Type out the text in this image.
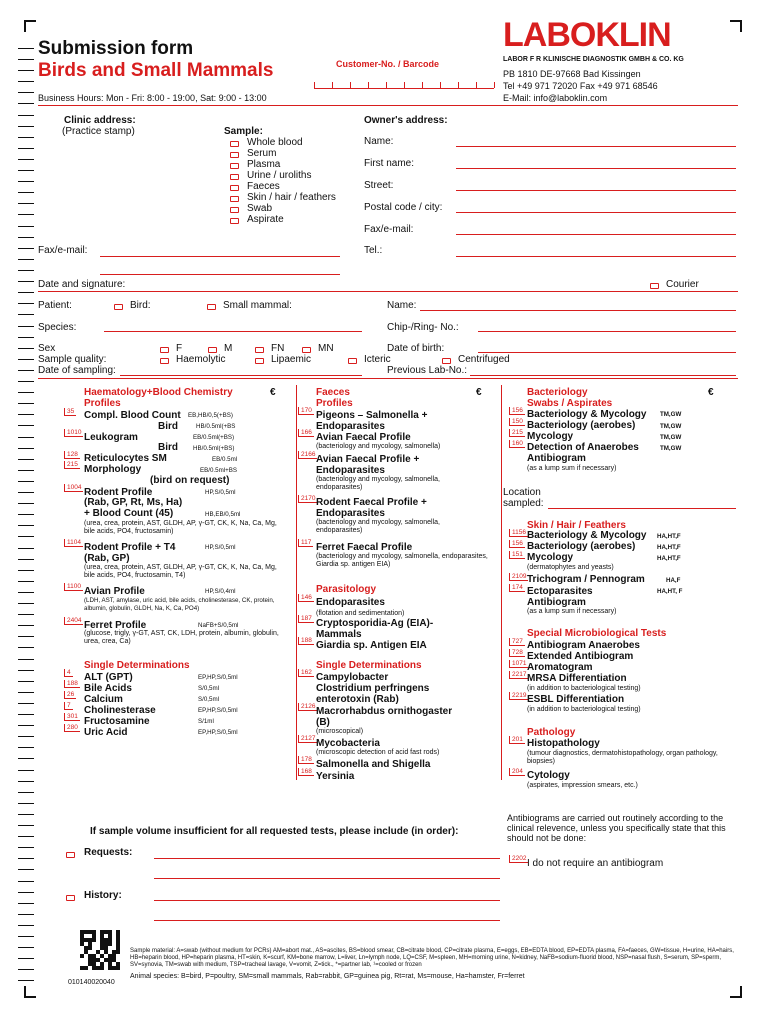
Submission form
Birds and Small Mammals	Customer-No. / Barcode
Business Hours: Mon - Fri: 8:00 - 19:00, Sat: 9:00 - 13:00
LABOKLIN
LABOR F R KLINISCHE DIAGNOSTIK GMBH & CO. KG
PB 1810 DE-97668 Bad Kissingen
Tel +49 971 72020 Fax +49 971 68546
E-Mail: info@laboklin.com
Clinic address:
(Practice stamp)	Sample:
Whole blood
Serum
Plasma
Urine / uroliths
Faeces
Skin / hair / feathers
Swab
Aspirate
Fax/e-mail:
Owner's address:
Name:
First name:
Street:
Postal code / city:
Fax/e-mail:
Tel.:
Date and signature:	Courier
Patient:	Bird:	Small mammal:	Name:
Species:	Chip-/Ring- No.:
Sex	F	M	FN	MN	Date of birth:
Sample quality:	Haemolytic	Lipaemic	Icteric	Centrifuged
Date of sampling:	Previous Lab-No.:
Haematology+Blood Chemistry
Profiles
€
35 Compl. Blood Count EB,HB/0,5(+BS)
Bird	HB/0.5ml(+BS
1010 Leukogram	EB/0.5ml(+BS)
Bird HB/0.5ml(+BS)
128 Reticulocytes SM	EB/0.5ml
215 Morphology	EB/0.5ml+BS
(bird on request)
1004 Rodent Profile	HP,S/0,5ml
(Rab, GP, Rt, Ms, Ha)
+ Blood Count (45)	HB,EB/0,5ml
(urea, crea, protein, AST, GLDH, AP, γ-GT, CK, K, Na, Ca, Mg, bile acids, PO4, fructosamin)
1104 Rodent Profile + T4	HP,S/0,5ml
(Rab, GP)
(urea, crea, protein, AST, GLDH, AP, γ-GT, CK, K, Na, Ca, Mg, bile acids, PO4, fructosamin, T4)
1100 Avian Profile	HP,S/0,4ml
(LDH, AST, amylase, uric acid, bile acids, cholinesterase, CK, protein, albumin, globulin, GLDH, Na, K, Ca, PO4)
2404 Ferret Profile	NaFB+S/0,5ml
(glucose, trigly, γ-GT, AST, CK, LDH, protein, albumin, globulin, urea, crea, Ca)
Single Determinations
4 ALT (GPT)	EP,HP,S/0,5ml
188 Bile Acids	S/0,5ml
26 Calcium	S/0,5ml
7 Cholinesterase	EP,HP,S/0,5ml
301 Fructosamine	S/1ml
280 Uric Acid	EP,HP,S/0,5ml
Faeces
Profiles
€
170 Pigeons – Salmonella + Endoparasites
166 Avian Faecal Profile
(bacteriology and mycology, salmonella)
2166 Avian Faecal Profile + Endoparasites
(bacteriology and mycology, salmonella, endoparasites)
2170 Rodent Faecal Profile + Endoparasites
(bacteriology and mycology, salmonella, endoparasites)
117 Ferret Faecal Profile
(bacteriology and mycology, salmonella, endoparasites, Giardia sp. antigen EIA)
Parasitology
146 Endoparasites
(flotation and sedimentation)
187 Cryptosporidia-Ag (EIA)-Mammals
188 Giardia sp. Antigen EIA
Single Determinations
162 Campylobacter
2126
Clostridium perfringens enterotoxin (Rab)
Macrorhabdus ornithogaster (B)
(microscopical)
2127 Mycobacteria
(microscopic detection of acid fast rods)
178 Salmonella and Shigella
168 Yersinia
Bacteriology
Swabs / Aspirates
€
156 Bacteriology & Mycology TM,GW
150 Bacteriology (aerobes)	TM,GW
215 Mycology	TM,GW
160 Detection of Anaerobes	TM,GW
Antibiogram
(as a lump sum if necessary)
Location
sampled:
Skin / Hair / Feathers
1156 Bacteriology & Mycology HA,HT,F
156 Bacteriology (aerobes)	HA,HT,F
151 Mycology	HA,HT,F
(dermatophytes and yeasts)
2109 Trichogram / Pennogram	HA,F
174 Ectoparasites	HA,HT, F
Antibiogram
(as a lump sum if necessary)
Special Microbiological Tests
727 Antibiogram Anaerobes
728 Extended Antibiogram
1071 Aromatogram
2217 MRSA Differentiation
(in addition to bacteriological testing)
2219 ESBL Differentiation
(in addition to bacteriological testing)
Pathology
201 Histopathology
(tumour diagnostics, dermatohistopathology, organ pathology, biopsies)
204 Cytology
(aspirates, impression smears, etc.)
Antibiograms are carried out routinely according to the clinical relevence, unless you specifically state that this should not be done:
If sample volume insufficient for all requested tests, please include (in order):
Requests:
2202 I do not require an antibiogram
History:
Sample material: A=swab (without medium for PCRs) AM=abort mat., AS=ascites, BS=blood smear, CB=citrate blood, CP=citrate plasma, E=eggs, EB=EDTA blood, EP=EDTA plasma, FA=faeces, GW=tissue, H=urine, HA=hairs, HB=heparin blood, HP=heparin plasma, HT=skin, K=scurf, KM=bone marrow, L=liver, Ln=lymph node, LQ=CSF, M=spleen, MH=morning urine, N=kidney, NaFB=sodium-fluorid blood, NSP=nasal flush, S=serum, SP=sperm, SV=synovia, TM=swab with medium, TSP=tracheal lavage, V=vomit, Z=tick., *=partner lab, ¹=cooled or frozen
Animal species: B=bird, P=poultry, SM=small mammals, Rab=rabbit, GP=guinea pig, Rt=rat, Ms=mouse, Ha=hamster, Fr=ferret
010140020040
